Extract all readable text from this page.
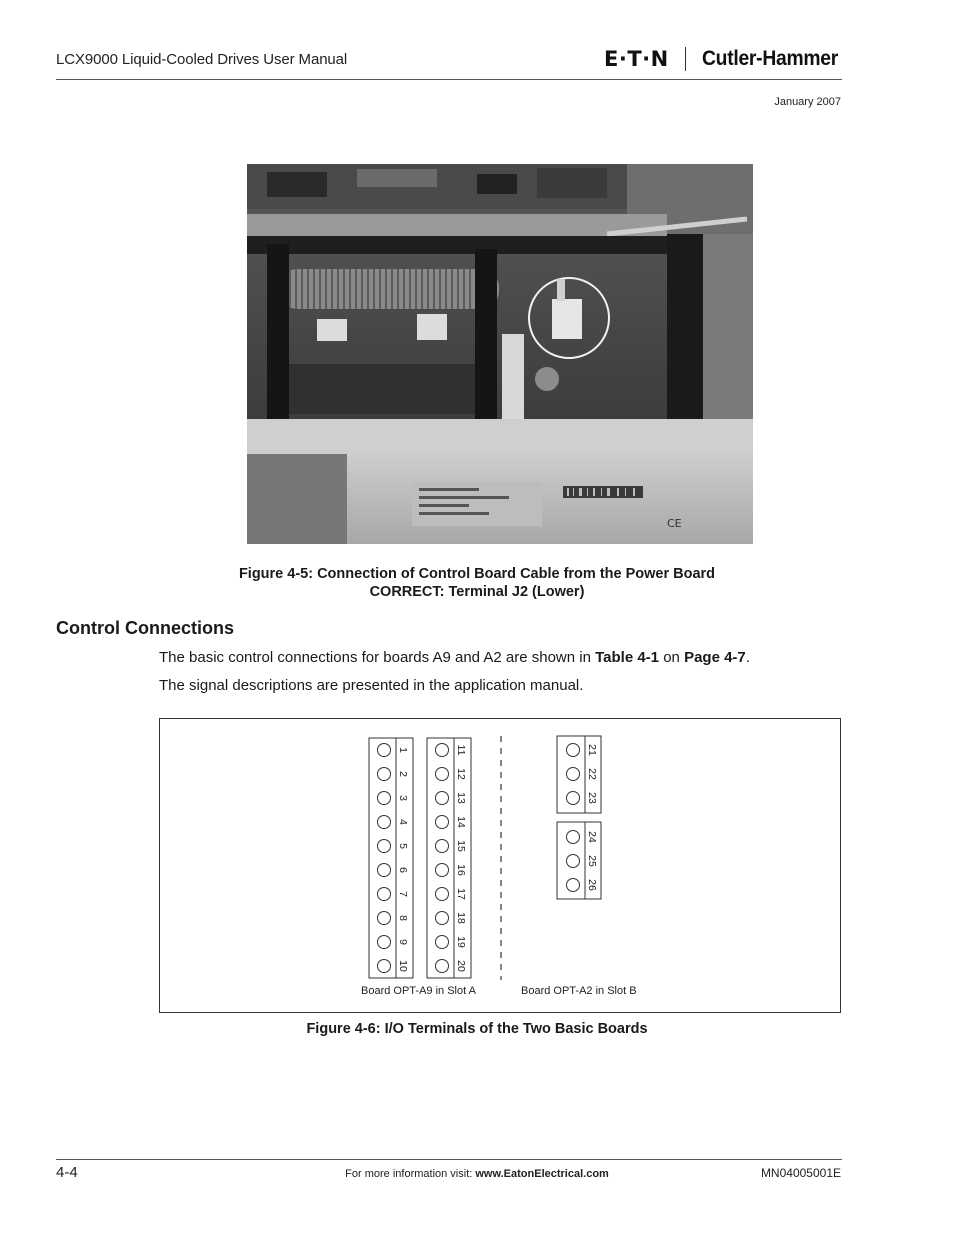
LCX9000 Liquid-Cooled Drives User Manual	E·T·N Cutler-Hammer
January 2007
CE
Figure 4-5: Connection of Control Board Cable from the Power Board
CORRECT: Terminal J2 (Lower)
Control Connections
The basic control connections for boards A9 and A2 are shown in Table 4-1 on Page 4-7.
The signal descriptions are presented in the application manual.
1
2
3
4
5
6
7
8
9
10
11
12
13
14
15
16
17
18
19
20
21
22
23
24
25
26
Board OPT-A9 in Slot A	Board OPT-A2 in Slot B
Figure 4-6: I/O Terminals of the Two Basic Boards
4-4	For more information visit: www.EatonElectrical.com	MN04005001E
